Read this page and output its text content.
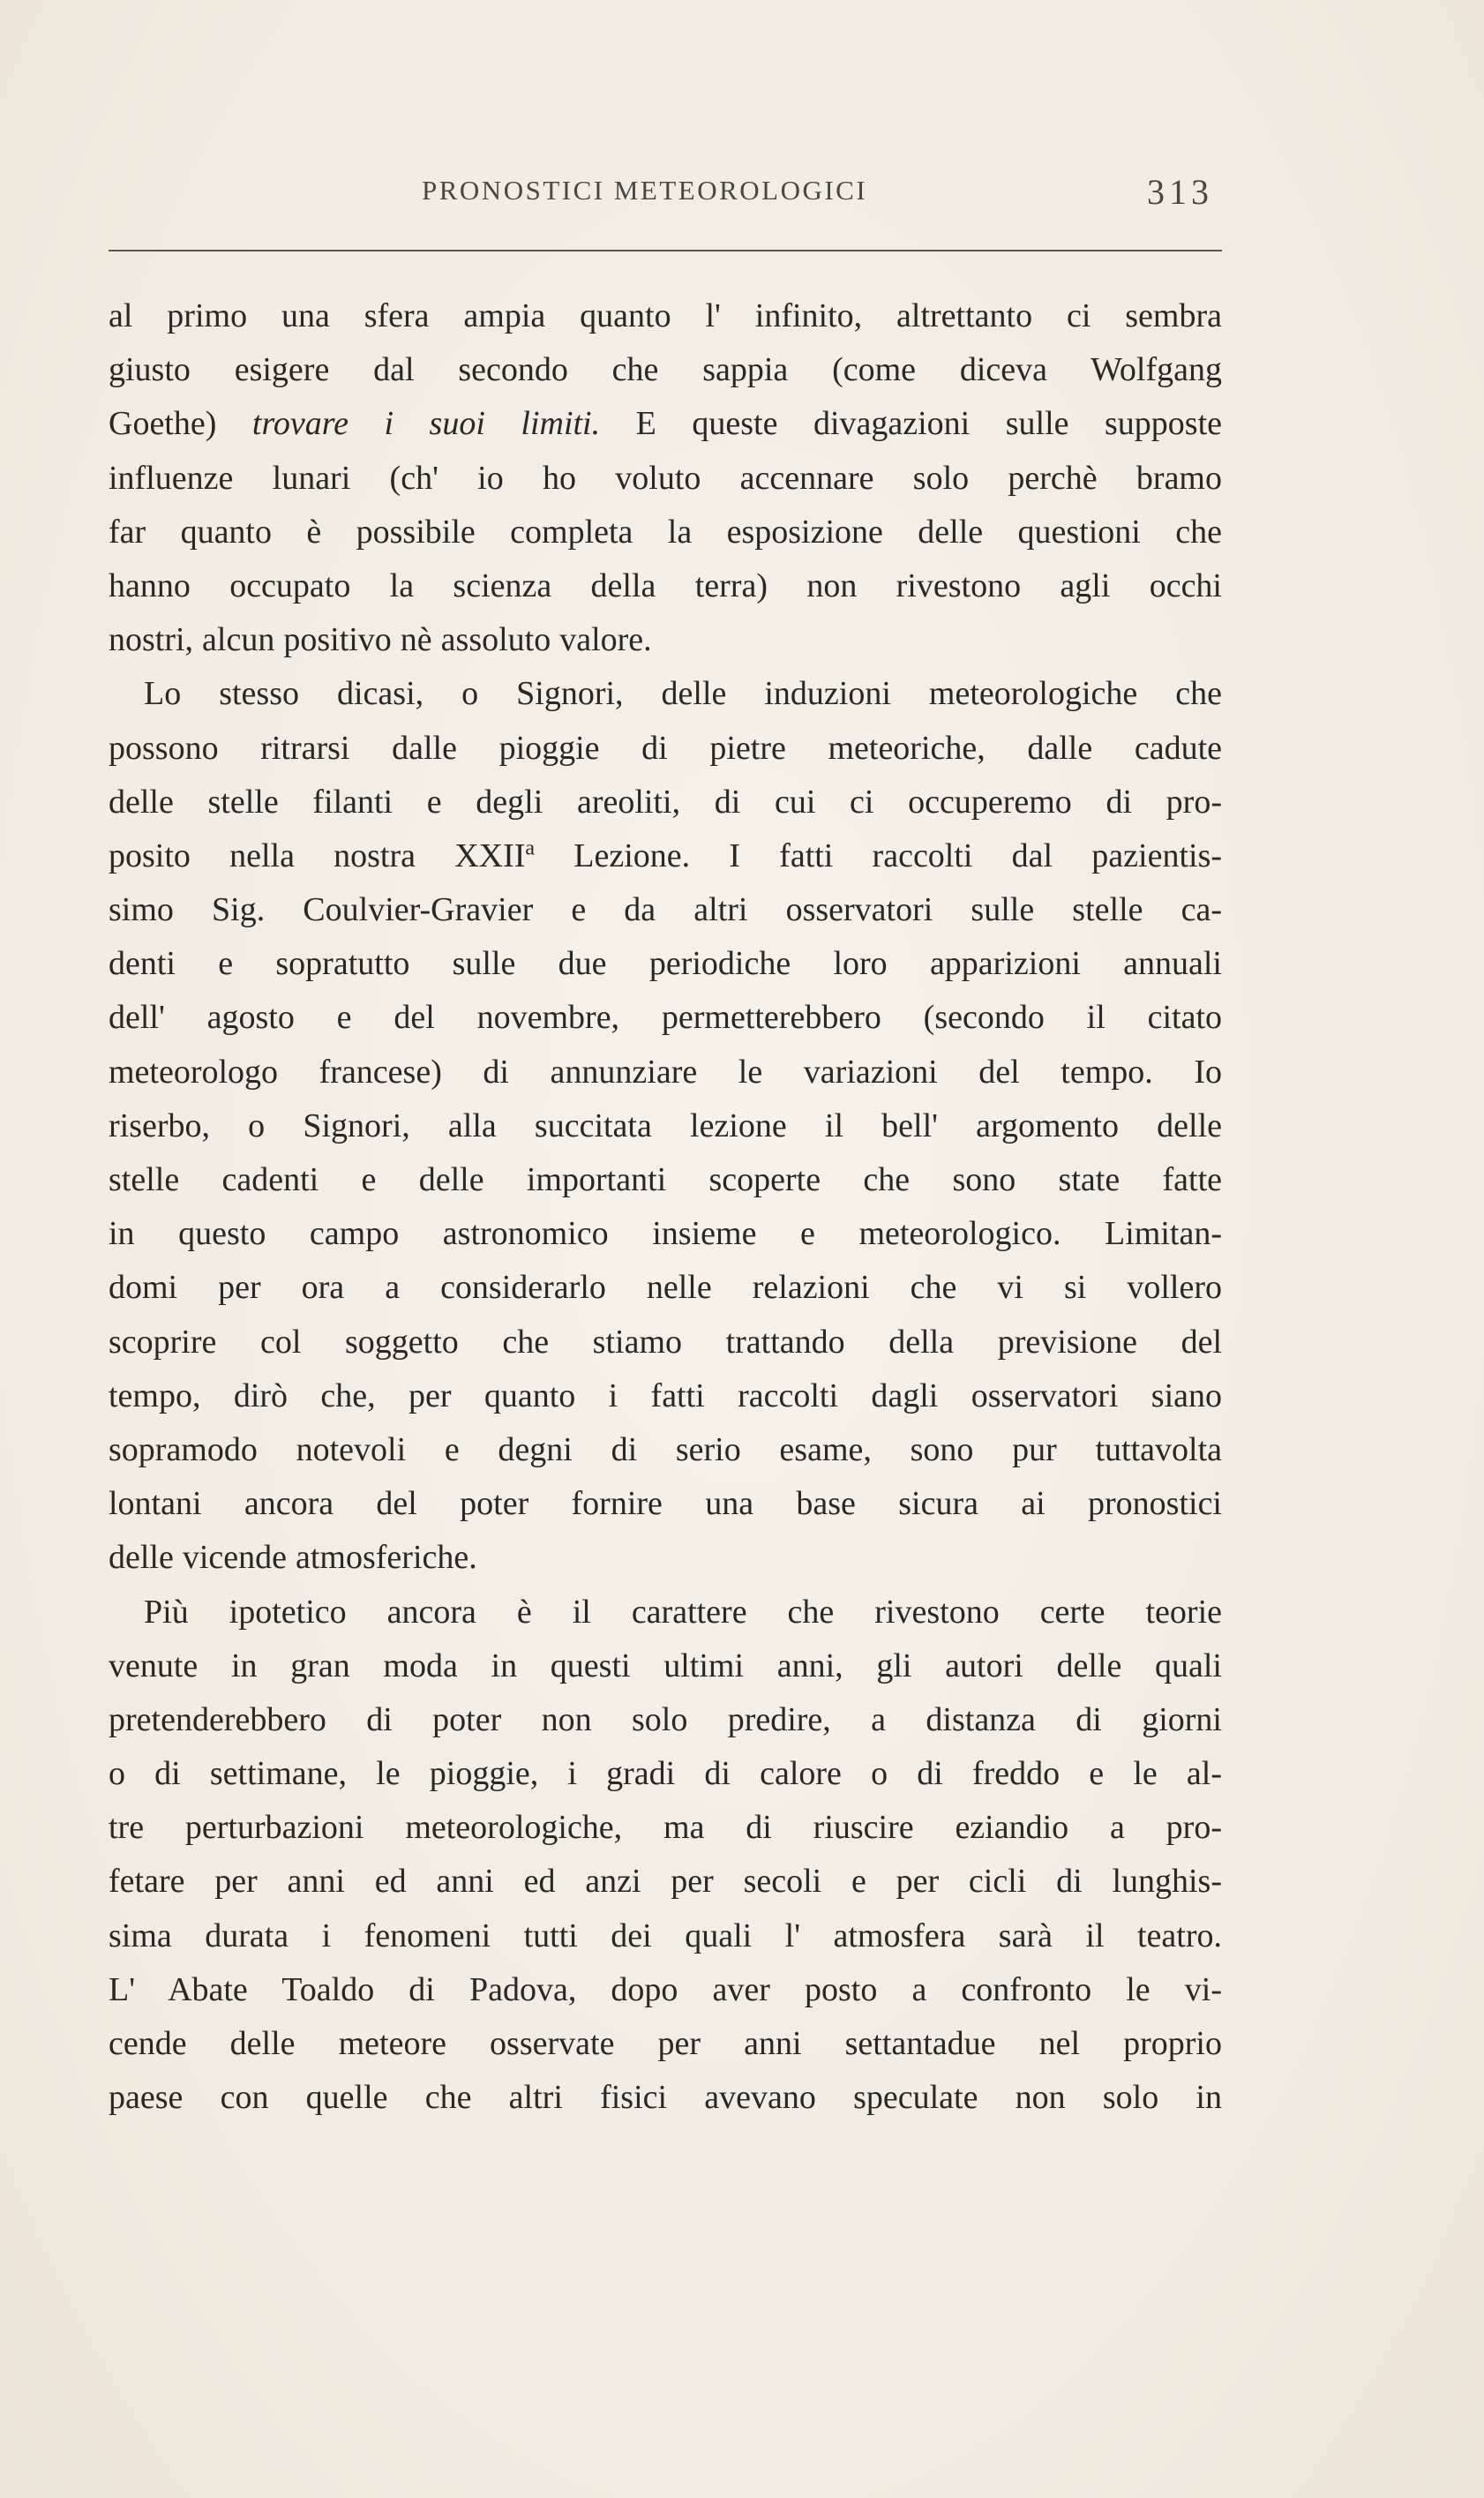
PRONOSTICI METEOROLOGICI	313
al primo una sfera ampia quanto l' infinito, altrettanto ci sembra
giusto esigere dal secondo che sappia (come diceva Wolfgang
Goethe) trovare i suoi limiti. E queste divagazioni sulle supposte
influenze lunari (ch' io ho voluto accennare solo perchè bramo
far quanto è possibile completa la esposizione delle questioni che
hanno occupato la scienza della terra) non rivestono agli occhi
nostri, alcun positivo nè assoluto valore.
Lo stesso dicasi, o Signori, delle induzioni meteorologiche che
possono ritrarsi dalle pioggie di pietre meteoriche, dalle cadute
delle stelle filanti e degli areoliti, di cui ci occuperemo di pro-
posito nella nostra XXII$^a$ Lezione. I fatti raccolti dal pazientis-
simo Sig. Coulvier-Gravier e da altri osservatori sulle stelle ca-
denti e sopratutto sulle due periodiche loro apparizioni annuali
dell' agosto e del novembre, permetterebbero (secondo il citato
meteorologo francese) di annunziare le variazioni del tempo. Io
riserbo, o Signori, alla succitata lezione il bell' argomento delle
stelle cadenti e delle importanti scoperte che sono state fatte
in questo campo astronomico insieme e meteorologico. Limitan-
domi per ora a considerarlo nelle relazioni che vi si vollero
scoprire col soggetto che stiamo trattando della previsione del
tempo, dirò che, per quanto i fatti raccolti dagli osservatori siano
sopramodo notevoli e degni di serio esame, sono pur tuttavolta
lontani ancora del poter fornire una base sicura ai pronostici
delle vicende atmosferiche.
Più ipotetico ancora è il carattere che rivestono certe teorie
venute in gran moda in questi ultimi anni, gli autori delle quali
pretenderebbero di poter non solo predire, a distanza di giorni
o di settimane, le pioggie, i gradi di calore o di freddo e le al-
tre perturbazioni meteorologiche, ma di riuscire eziandio a pro-
fetare per anni ed anni ed anzi per secoli e per cicli di lunghis-
sima durata i fenomeni tutti dei quali l' atmosfera sarà il teatro.
L' Abate Toaldo di Padova, dopo aver posto a confronto le vi-
cende delle meteore osservate per anni settantadue nel proprio
paese con quelle che altri fisici avevano speculate non solo in
